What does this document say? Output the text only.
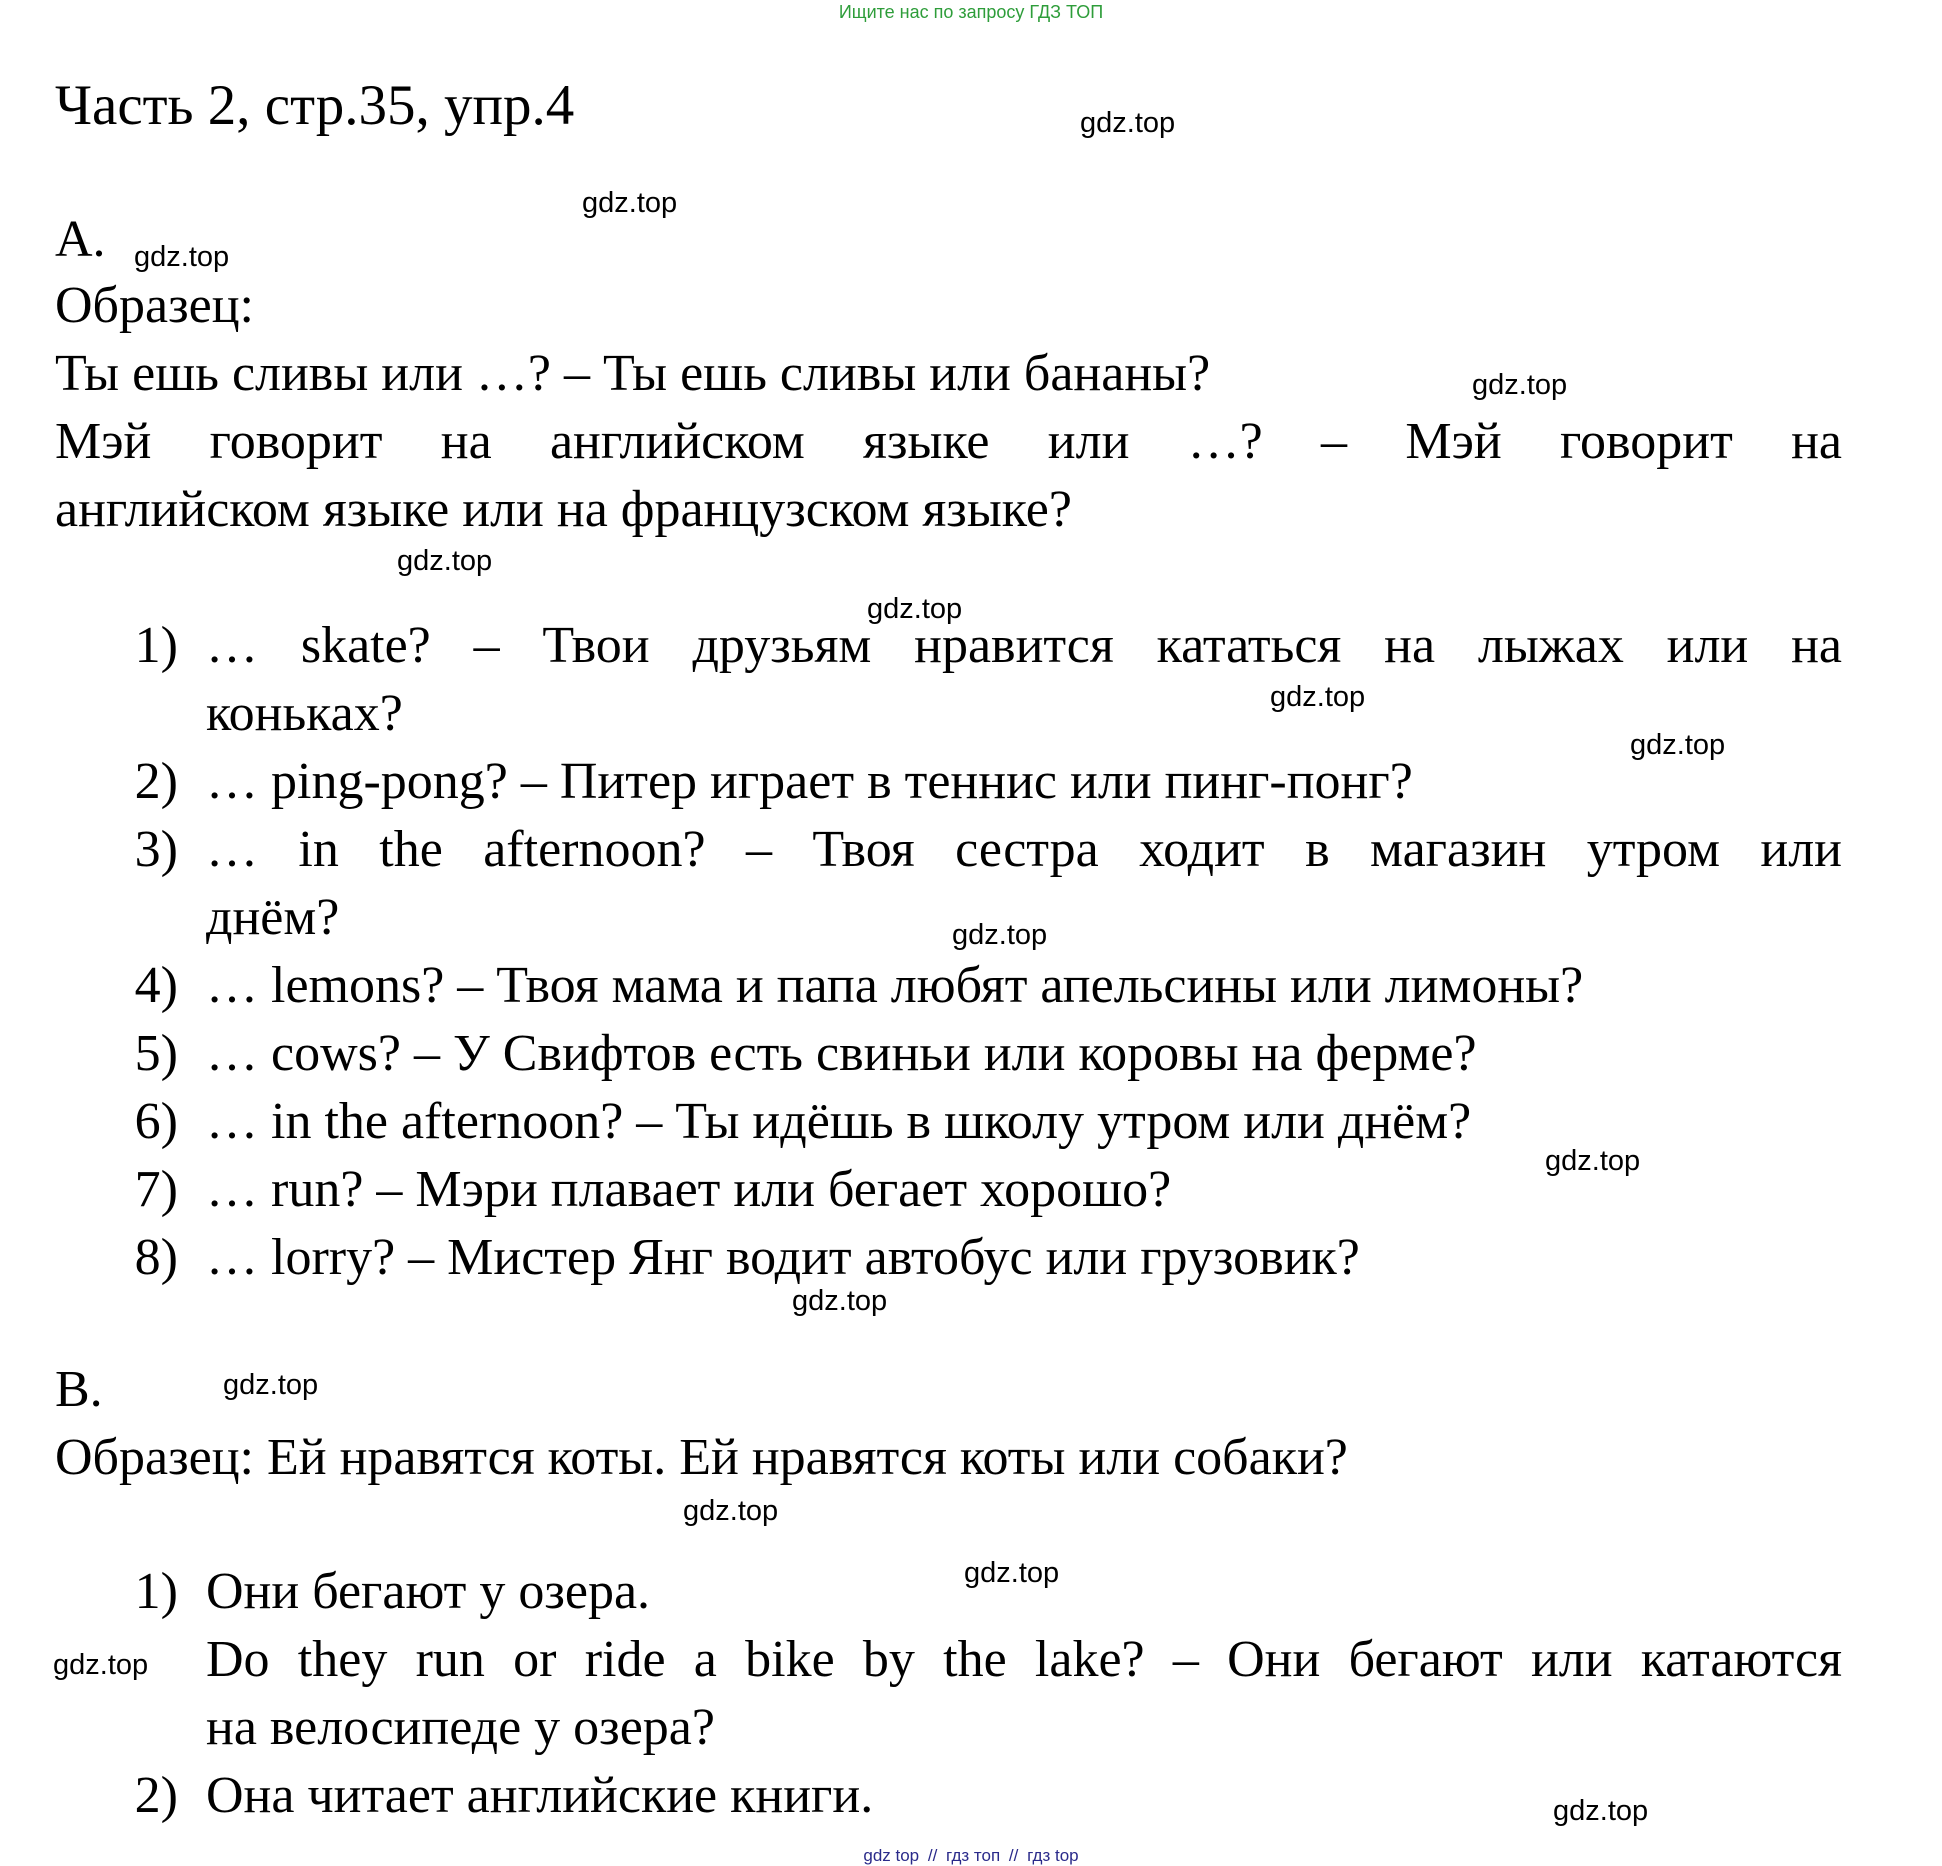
Ищите нас по запросу ГДЗ ТОП
Часть 2, стр.35, упр.4
A.
Образец:
Ты ешь сливы или …? – Ты ешь сливы или бананы?
Мэй говорит на английском языке или …? – Мэй говорит на
английском языке или на французском языке?
1) … skate? – Твои друзьям нравится кататься на лыжах или на
коньках?
2) … ping-pong? – Питер играет в теннис или пинг-понг?
3) … in the afternoon? – Твоя сестра ходит в магазин утром или
днём?
4) … lemons? – Твоя мама и папа любят апельсины или лимоны?
5) … cows? – У Свифтов есть свиньи или коровы на ферме?
6) … in the afternoon? – Ты идёшь в школу утром или днём?
7) … run? – Мэри плавает или бегает хорошо?
8) … lorry? – Мистер Янг водит автобус или грузовик?
B.
Образец: Ей нравятся коты. Ей нравятся коты или собаки?
1) Они бегают у озера.
Do they run or ride a bike by the lake? – Они бегают или катаются
на велосипеде у озера?
2) Она читает английские книги.
gdz.top
gdz.top
gdz.top
gdz.top
gdz.top
gdz.top
gdz.top
gdz.top
gdz.top
gdz.top
gdz.top
gdz.top
gdz.top
gdz.top
gdz.top
gdz.top
gdz top // гдз топ // гдз top
